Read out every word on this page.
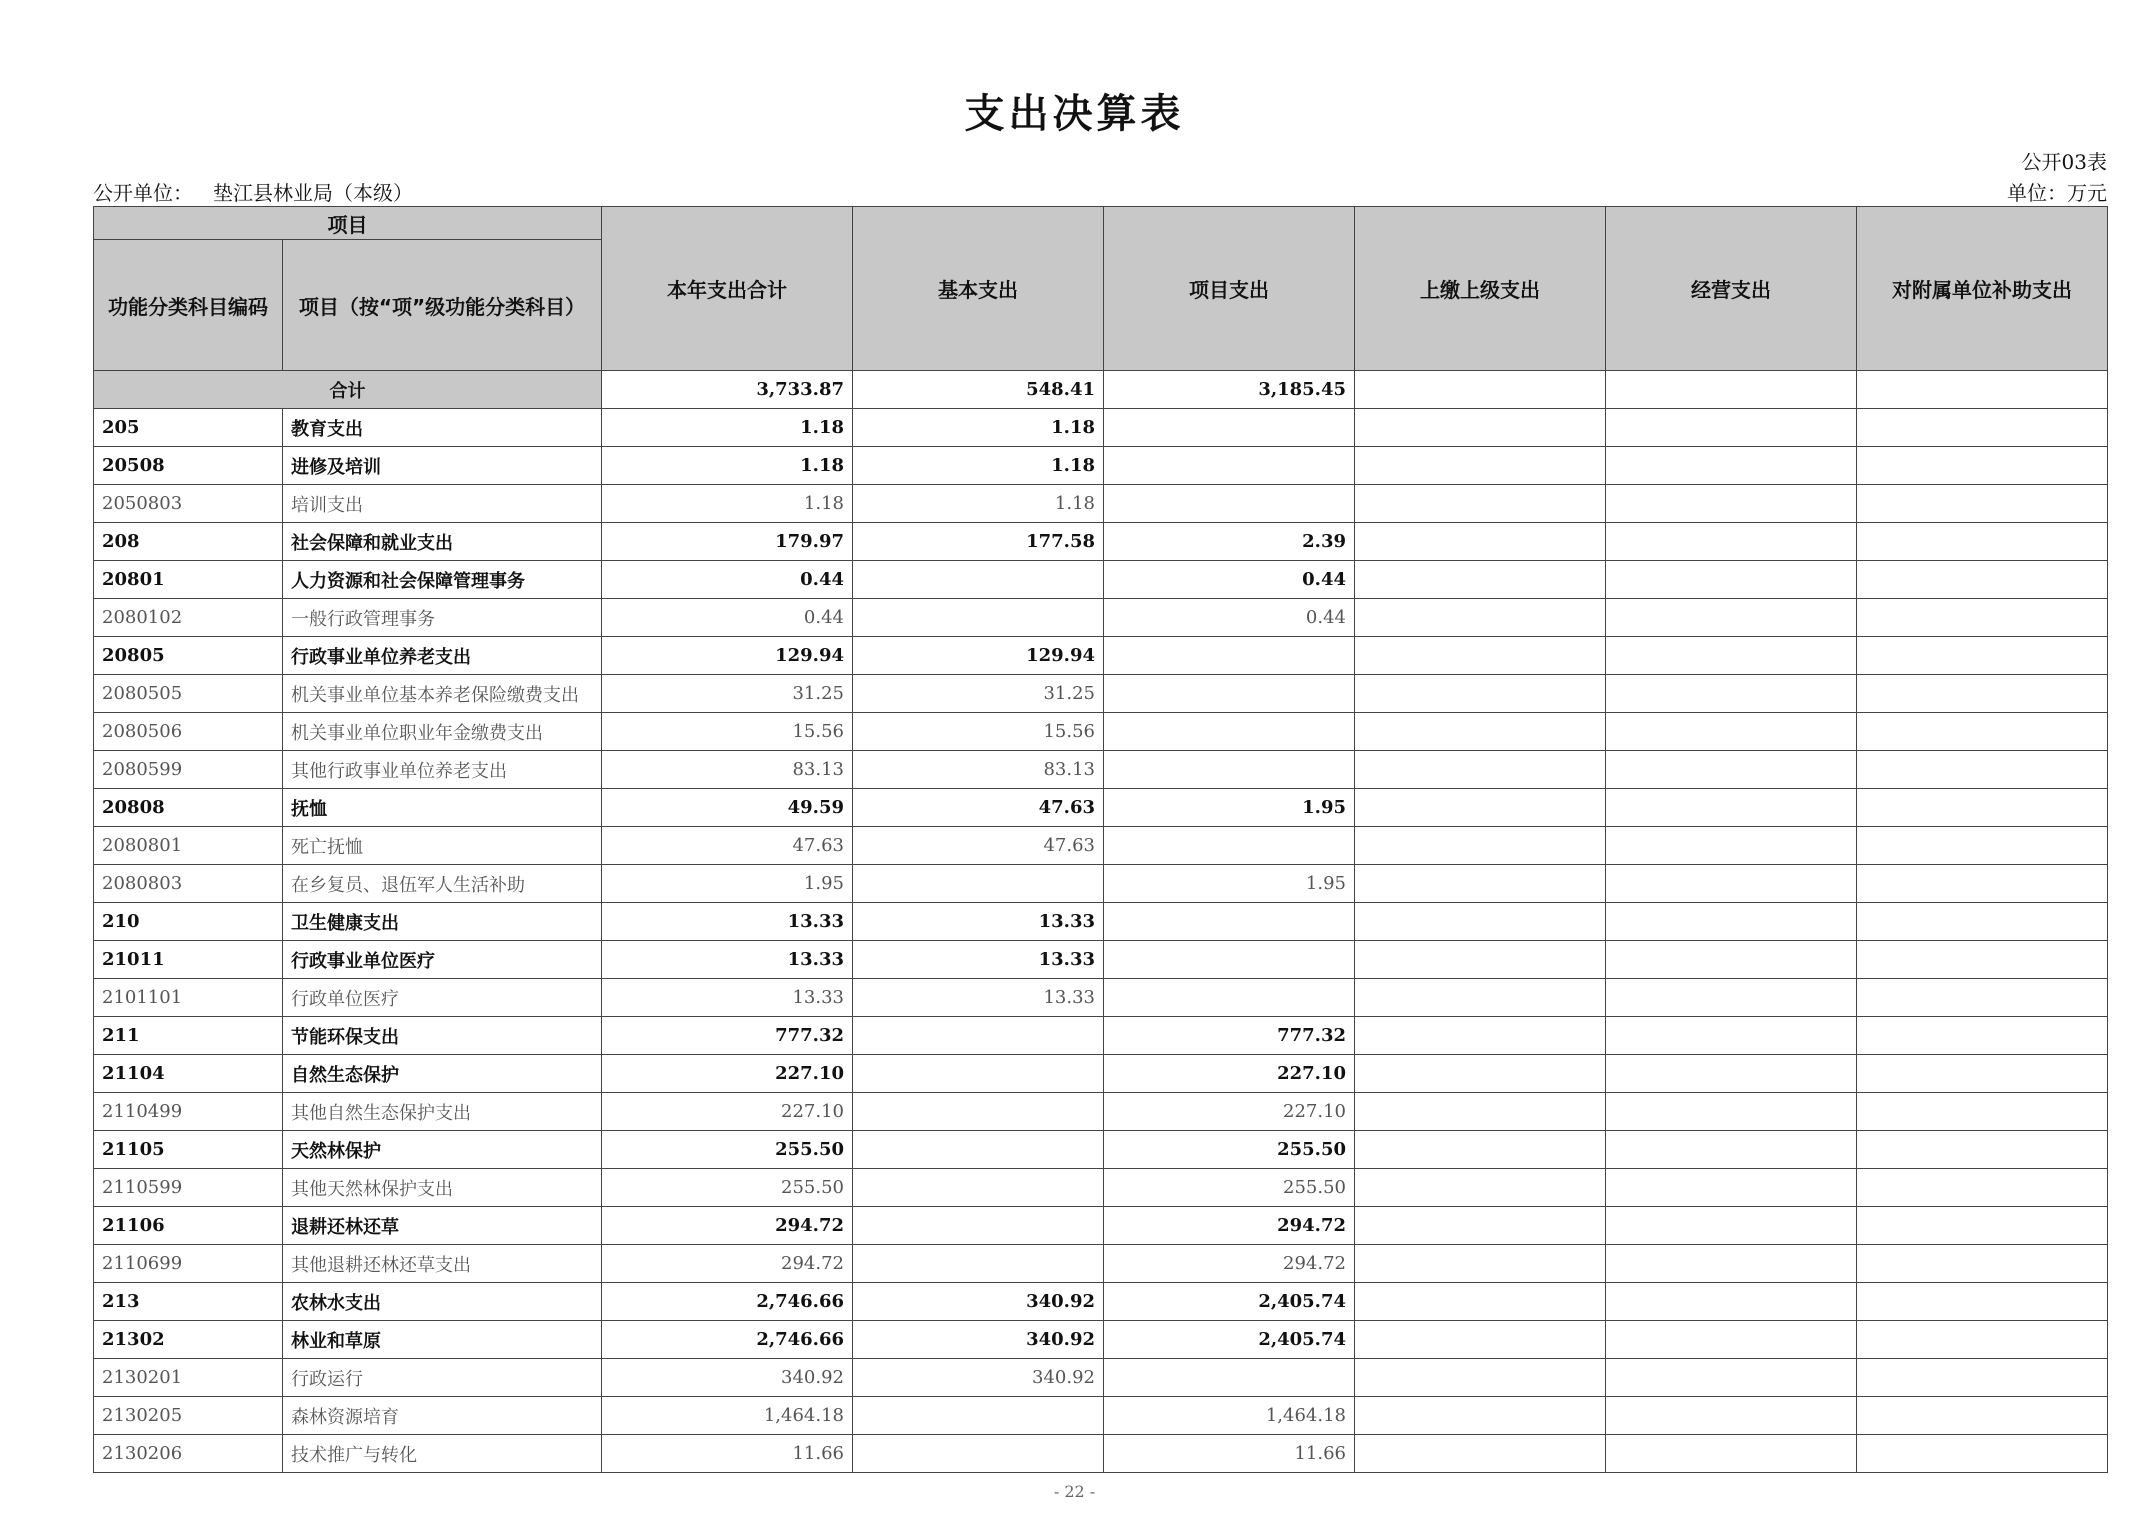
支出决算表
公开03表
公开单位： 垫江县林业局（本级）	单位：万元
项目		本年支出合计	基本支出	项目支出	上缴上级支出	经营支出	对附属单位补助支出
功能分类科目编码	项目（按“项”级功能分类科目）						
合计		3,733.87	548.41	3,185.45			
205	教育支出	1.18	1.18				
20508	进修及培训	1.18	1.18				
2050803	培训支出	1.18	1.18				
208	社会保障和就业支出	179.97	177.58	2.39			
20801	人力资源和社会保障管理事务	0.44		0.44			
2080102	一般行政管理事务	0.44		0.44			
20805	行政事业单位养老支出	129.94	129.94				
2080505	机关事业单位基本养老保险缴费支出	31.25	31.25				
2080506	机关事业单位职业年金缴费支出	15.56	15.56				
2080599	其他行政事业单位养老支出	83.13	83.13				
20808	抚恤	49.59	47.63	1.95			
2080801	死亡抚恤	47.63	47.63				
2080803	在乡复员、退伍军人生活补助	1.95		1.95			
210	卫生健康支出	13.33	13.33				
21011	行政事业单位医疗	13.33	13.33				
2101101	行政单位医疗	13.33	13.33				
211	节能环保支出	777.32		777.32			
21104	自然生态保护	227.10		227.10			
2110499	其他自然生态保护支出	227.10		227.10			
21105	天然林保护	255.50		255.50			
2110599	其他天然林保护支出	255.50		255.50			
21106	退耕还林还草	294.72		294.72			
2110699	其他退耕还林还草支出	294.72		294.72			
213	农林水支出	2,746.66	340.92	2,405.74			
21302	林业和草原	2,746.66	340.92	2,405.74			
2130201	行政运行	340.92	340.92				
2130205	森林资源培育	1,464.18		1,464.18			
2130206	技术推广与转化	11.66		11.66			
- 22 -
